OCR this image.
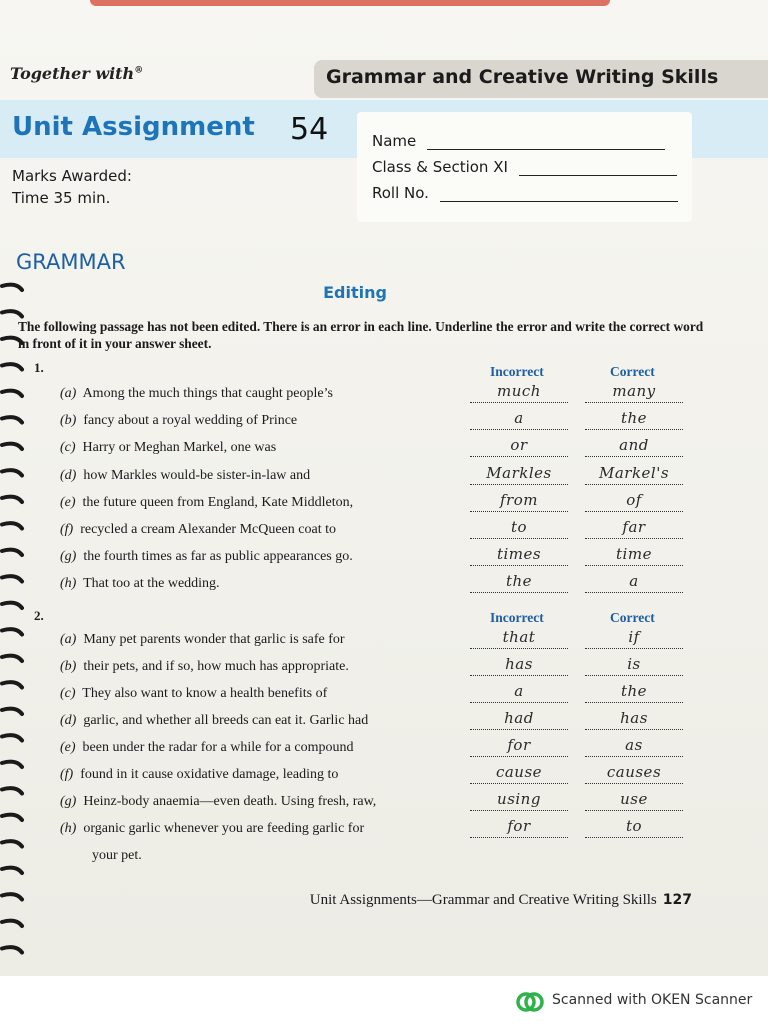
Together with®	Grammar and Creative Writing Skills
Unit Assignment 54	Name
Class & Section XI
Roll No.
Marks Awarded:
Time 35 min.
GRAMMAR
Editing
The following passage has not been edited. There is an error in each line. Underline the error and write the correct word in front of it in your answer sheet.
1.	Incorrect	Correct
(a) Among the much things that caught people’s	much	many
(b) fancy about a royal wedding of Prince	a	the
(c) Harry or Meghan Markel, one was	or	and
(d) how Markles would-be sister-in-law and	Markles	Markel's
(e) the future queen from England, Kate Middleton,	from	of
(f) recycled a cream Alexander McQueen coat to	to	far
(g) the fourth times as far as public appearances go.	times	time
(h) That too at the wedding.	the	a
2.	Incorrect	Correct
(a) Many pet parents wonder that garlic is safe for	that	if
(b) their pets, and if so, how much has appropriate.	has	is
(c) They also want to know a health benefits of	a	the
(d) garlic, and whether all breeds can eat it. Garlic had	had	has
(e) been under the radar for a while for a compound	for	as
(f) found in it cause oxidative damage, leading to	cause	causes
(g) Heinz-body anaemia—even death. Using fresh, raw,	using	use
(h) organic garlic whenever you are feeding garlic for	for	to
your pet.
Unit Assignments—Grammar and Creative Writing Skills 127
Scanned with OKEN Scanner
